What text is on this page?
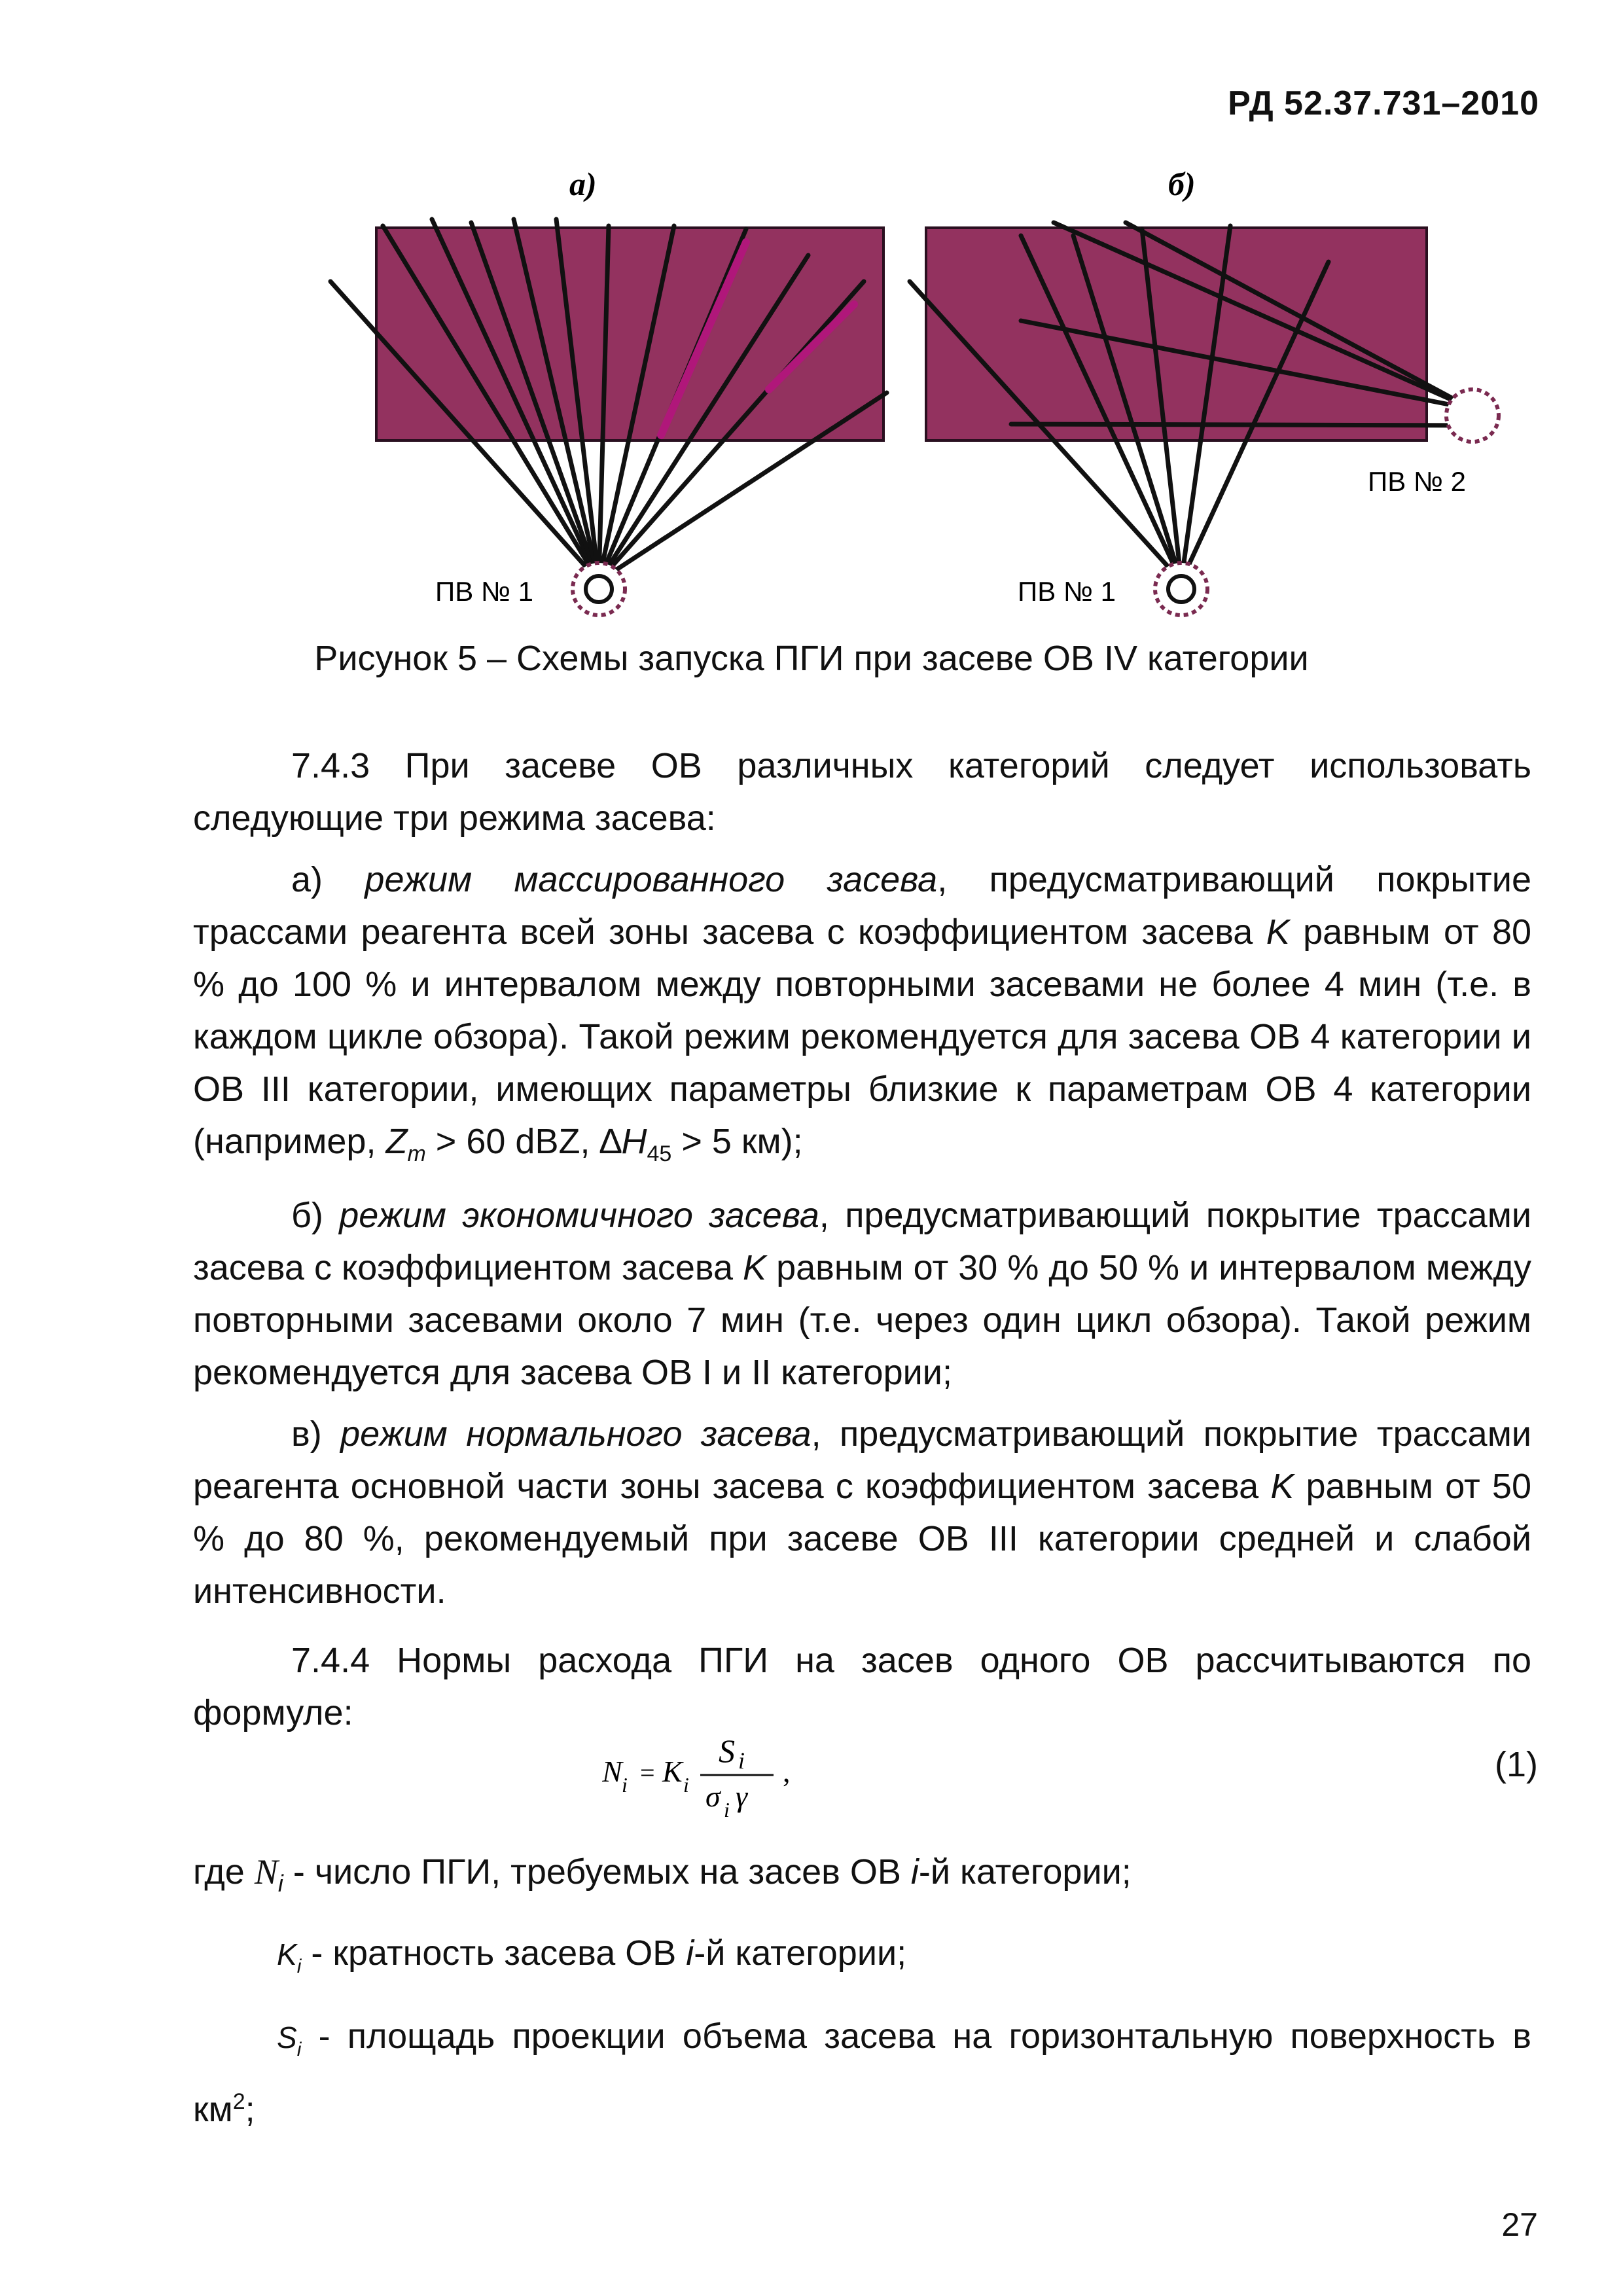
РД 52.37.731–2010
а)	б)
ПВ № 1	ПВ № 1
ПВ № 2
Рисунок 5 – Схемы запуска ПГИ при засеве ОВ IV категории

7.4.3 При засеве ОВ различных категорий следует использовать следующие три режима засева:

а) режим массированного засева, предусматривающий покрытие трассами реагента всей зоны засева с коэффициентом засева K равным от 80 % до 100 % и интервалом между повторными засевами не более 4 мин (т.е. в каждом цикле обзора). Такой режим рекомендуется для засева ОВ 4 категории и ОВ III категории, имеющих параметры близкие к параметрам ОВ 4 категории (например, $Z_m > 60$ dBZ, $\Delta H_{45} > 5$ км);

б) режим экономичного засева, предусматривающий покрытие трассами засева с коэффициентом засева K равным от 30 % до 50 % и интервалом между повторными засевами около 7 мин (т.е. через один цикл обзора). Такой режим рекомендуется для засева ОВ I и II категории;

в) режим нормального засева, предусматривающий покрытие трассами реагента основной части зоны засева с коэффициентом засева K равным от 50 % до 80 %, рекомендуемый при засеве ОВ III категории средней и слабой интенсивности.

7.4.4 Нормы расхода ПГИ на засев одного ОВ рассчитываются по формуле:

N i = K i
S i
σ i γ
,	(1)

где $N_i$ - число ПГИ, требуемых на засев ОВ i-й категории;

$K_i$ - кратность засева ОВ i-й категории;

$S_i$ - площадь проекции объема засева на горизонтальную поверхность в $км^2$;

27
